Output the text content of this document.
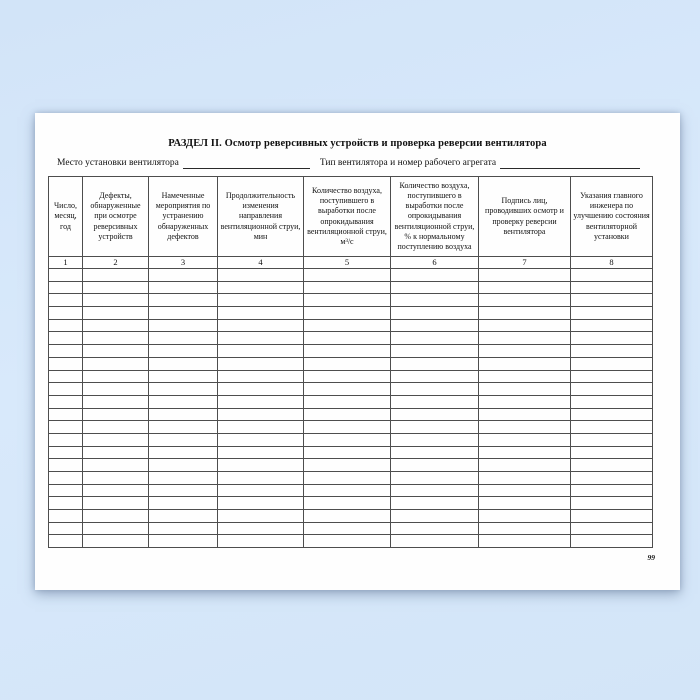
РАЗДЕЛ II. Осмотр реверсивных устройств и проверка реверсии вентилятора
Место установки вентилятора	Тип вентилятора и номер рабочего агрегата
Число, месяц, год	Дефекты, обнаруженные при осмотре реверсивных устройств	Намеченные мероприятия по устранению обнаруженных дефектов	Продолжительность изменения направления вентиляционной струи, мин	Количество воздуха, поступившего в выработки после опрокидывания вентиляционной струи, м³/с	Количество воздуха, поступившего в выработки после опрокидывания вентиляционной струи, % к нормальному поступлению воздуха	Подпись лиц, проводивших осмотр и проверку реверсии вентилятора	Указания главного инженера по улучшению состояния вентиляторной установки
1	2	3	4	5	6	7	8

99
